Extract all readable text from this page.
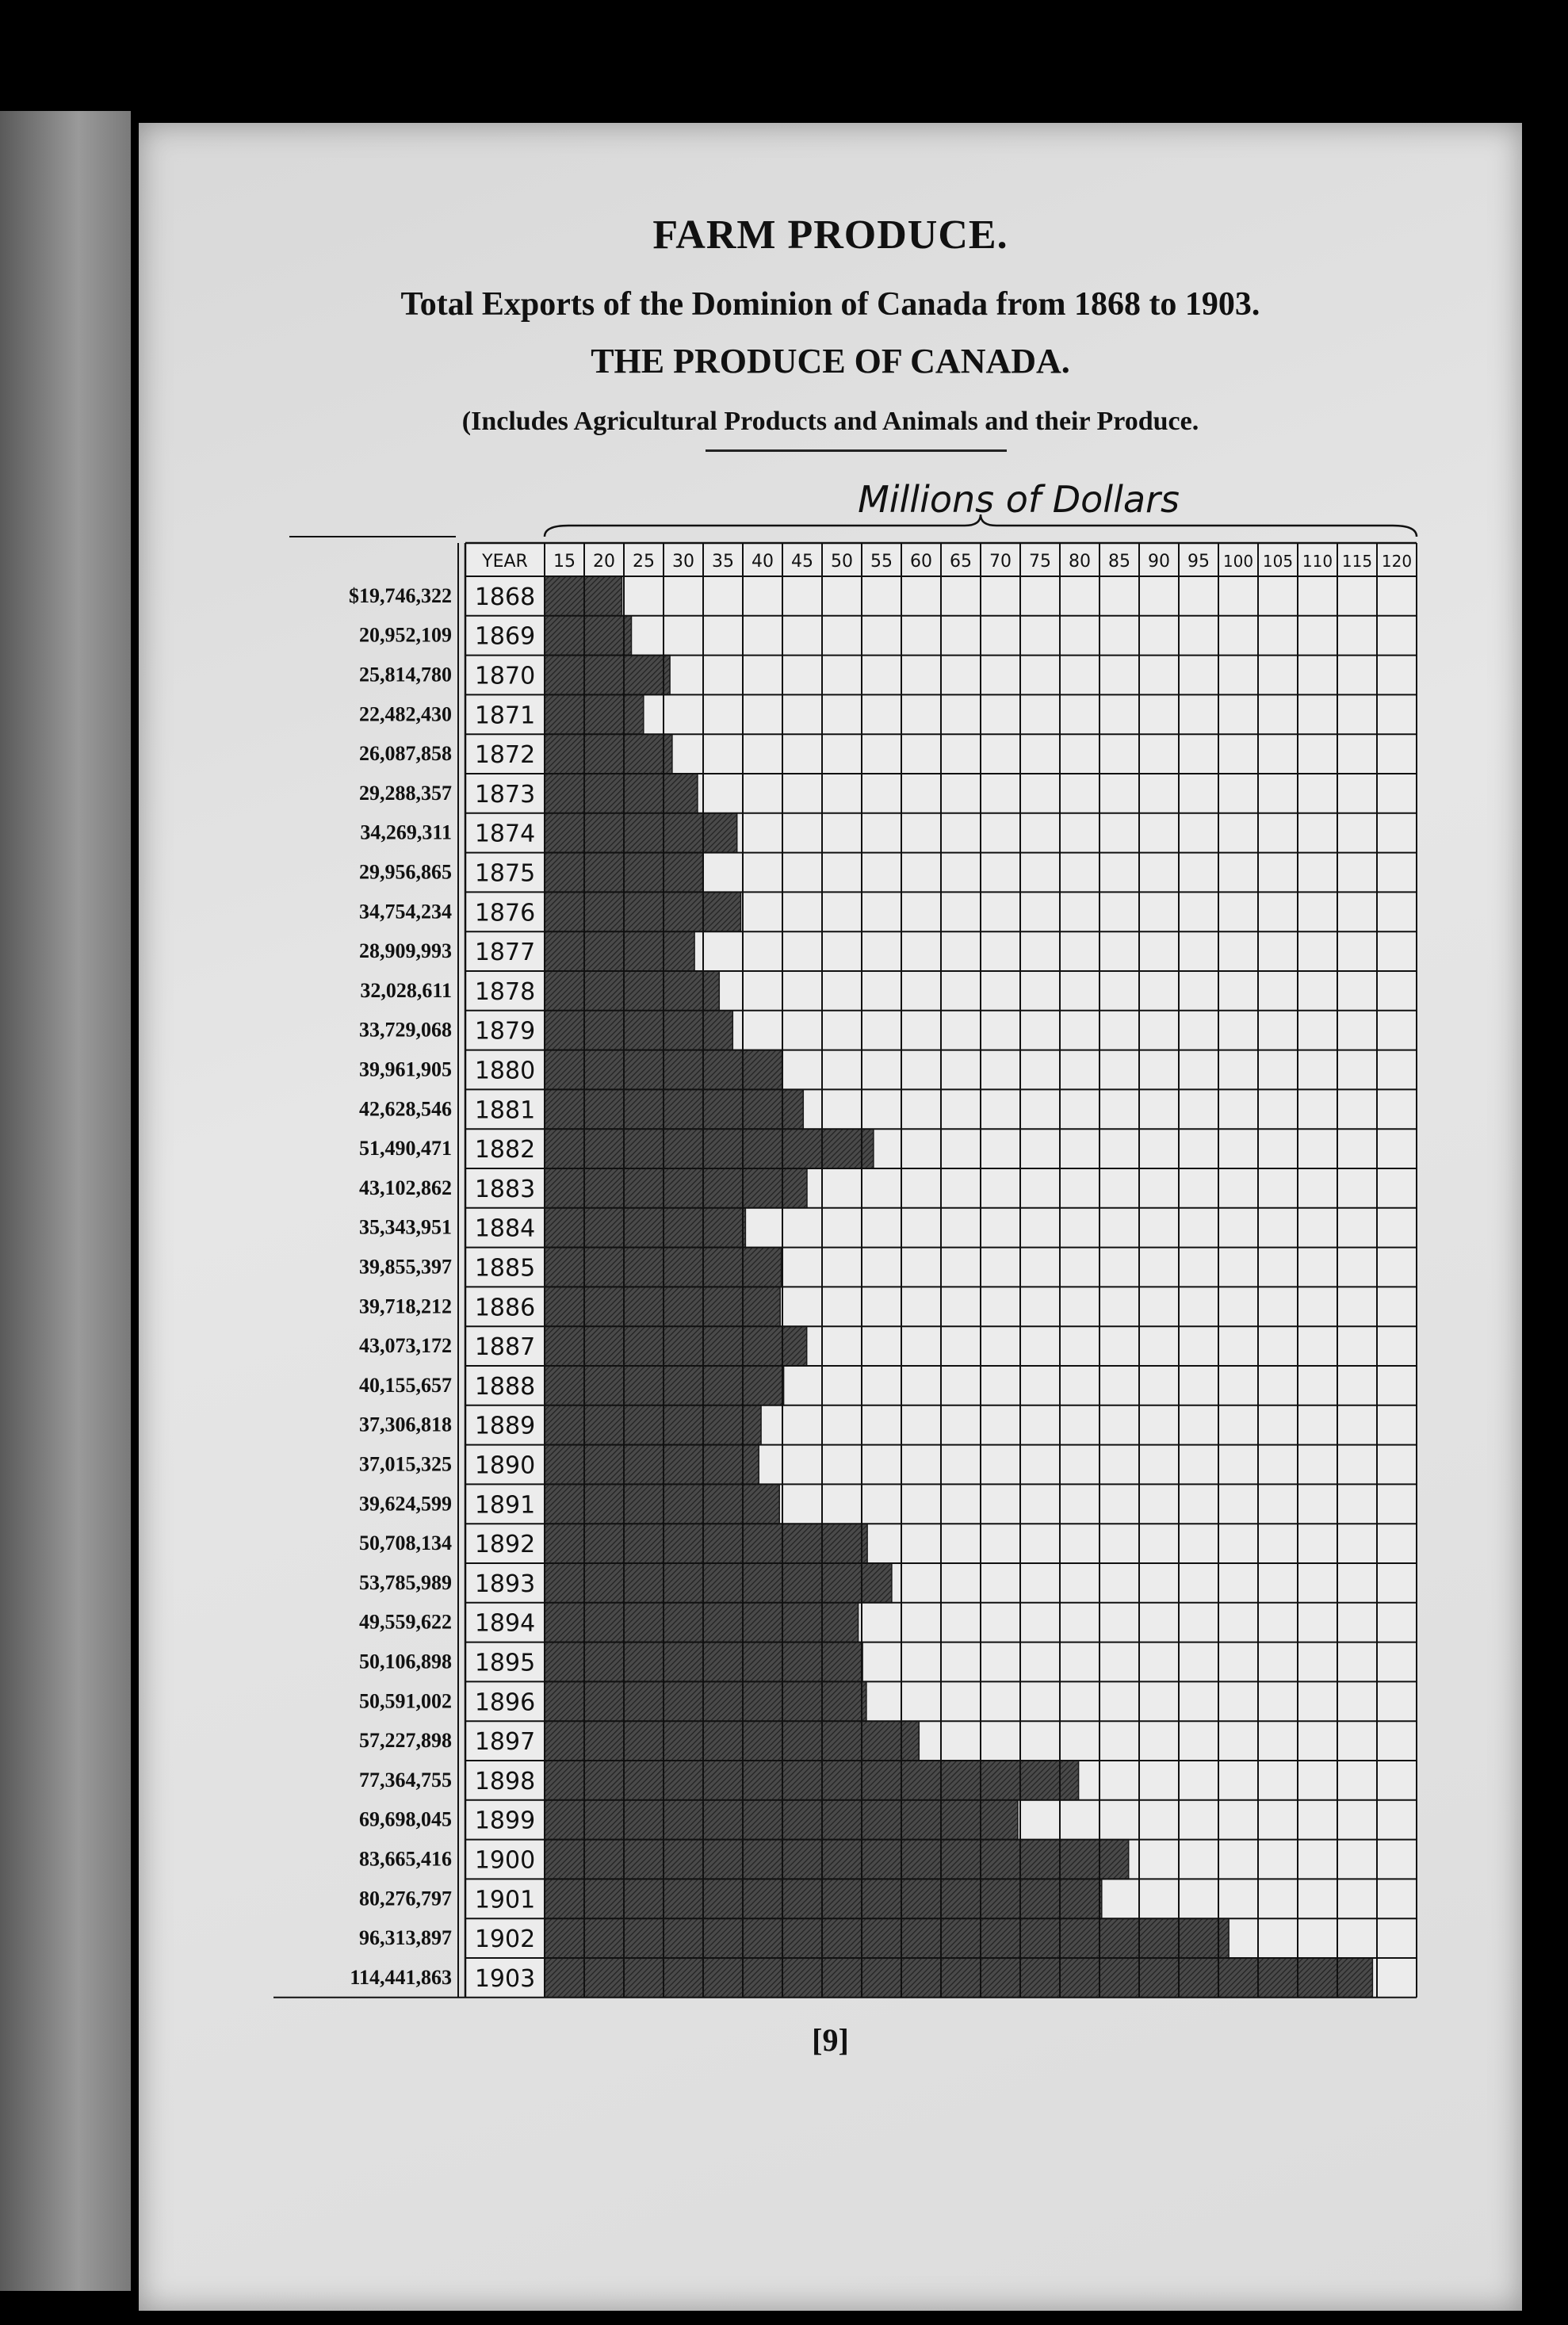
FARM PRODUCE.
Total Exports of the Dominion of Canada from 1868 to 1903.
THE PRODUCE OF CANADA.
(Includes Agricultural Products and Animals and their Produce.
Millions of Dollars
YEAR 15 20 25 30 35 40 45 50 55 60 65 70 75 80 85 90 95 100 105 110 115 120
1868
$19,746,322
1869
20,952,109
1870
25,814,780
1871
22,482,430
1872
26,087,858
1873
29,288,357
1874
34,269,311
1875
29,956,865
1876
34,754,234
1877
28,909,993
1878
32,028,611
1879
33,729,068
1880
39,961,905
1881
42,628,546
1882
51,490,471
1883
43,102,862
1884
35,343,951
1885
39,855,397
1886
39,718,212
1887
43,073,172
1888
40,155,657
1889
37,306,818
1890
37,015,325
1891
39,624,599
1892
50,708,134
1893
53,785,989
1894
49,559,622
1895
50,106,898
1896
50,591,002
1897
57,227,898
1898
77,364,755
1899
69,698,045
1900
83,665,416
1901
80,276,797
1902
96,313,897
1903
114,441,863
[9]
